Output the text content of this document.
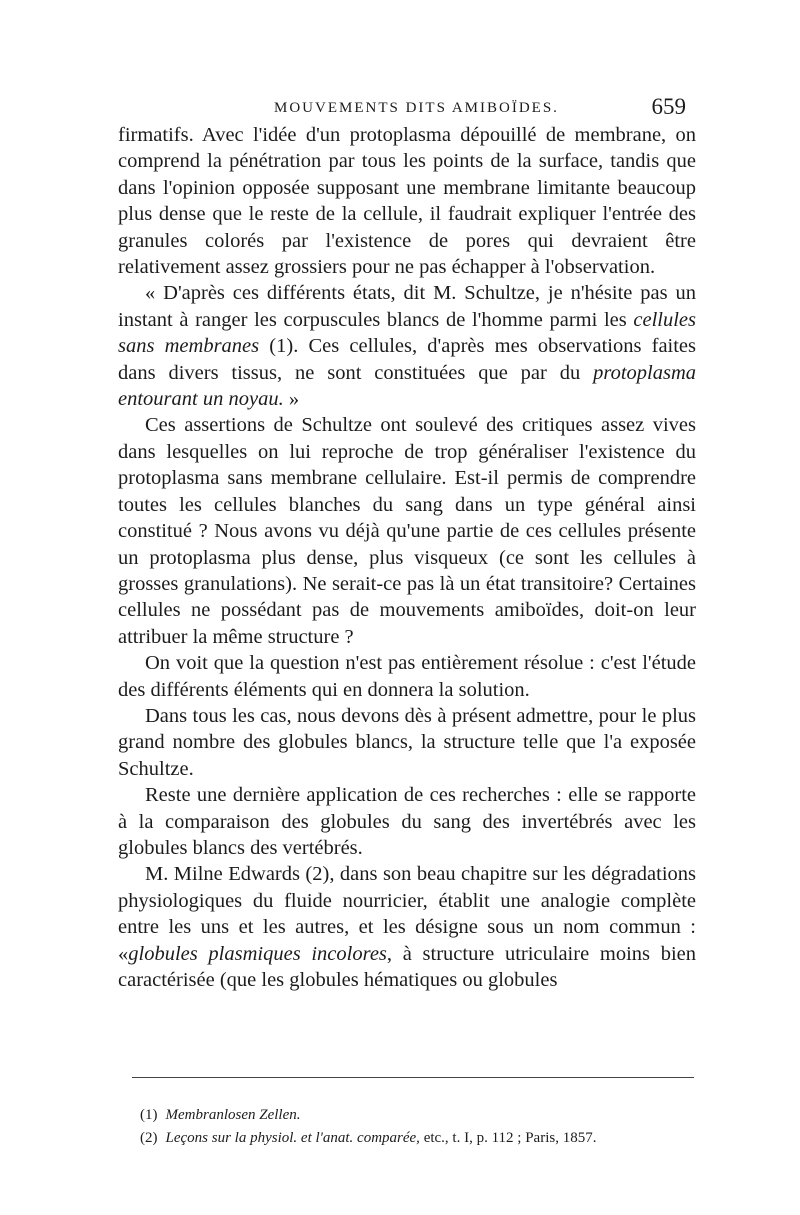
MOUVEMENTS DITS AMIBOÏDES.	659

firmatifs. Avec l'idée d'un protoplasma dépouillé de membrane, on comprend la pénétration par tous les points de la surface, tandis que dans l'opinion opposée supposant une membrane limitante beaucoup plus dense que le reste de la cellule, il faudrait expliquer l'entrée des granules colorés par l'existence de pores qui devraient être relativement assez grossiers pour ne pas échapper à l'observation.

« D'après ces différents états, dit M. Schultze, je n'hésite pas un instant à ranger les corpuscules blancs de l'homme parmi les cellules sans membranes (1). Ces cellules, d'après mes observations faites dans divers tissus, ne sont constituées que par du protoplasma entourant un noyau. »

Ces assertions de Schultze ont soulevé des critiques assez vives dans lesquelles on lui reproche de trop généraliser l'existence du protoplasma sans membrane cellulaire. Est-il permis de comprendre toutes les cellules blanches du sang dans un type général ainsi constitué ? Nous avons vu déjà qu'une partie de ces cellules présente un protoplasma plus dense, plus visqueux (ce sont les cellules à grosses granulations). Ne serait-ce pas là un état transitoire? Certaines cellules ne possédant pas de mouvements amiboïdes, doit-on leur attribuer la même structure ?

On voit que la question n'est pas entièrement résolue : c'est l'étude des différents éléments qui en donnera la solution.

Dans tous les cas, nous devons dès à présent admettre, pour le plus grand nombre des globules blancs, la structure telle que l'a exposée Schultze.

Reste une dernière application de ces recherches : elle se rapporte à la comparaison des globules du sang des invertébrés avec les globules blancs des vertébrés.

M. Milne Edwards (2), dans son beau chapitre sur les dégradations physiologiques du fluide nourricier, établit une analogie complète entre les uns et les autres, et les désigne sous un nom commun : «globules plasmiques incolores, à structure utriculaire moins bien caractérisée (que les globules hématiques ou globules

(1) Membranlosen Zellen.

(2) Leçons sur la physiol. et l'anat. comparée, etc., t. I, p. 112 ; Paris, 1857.
